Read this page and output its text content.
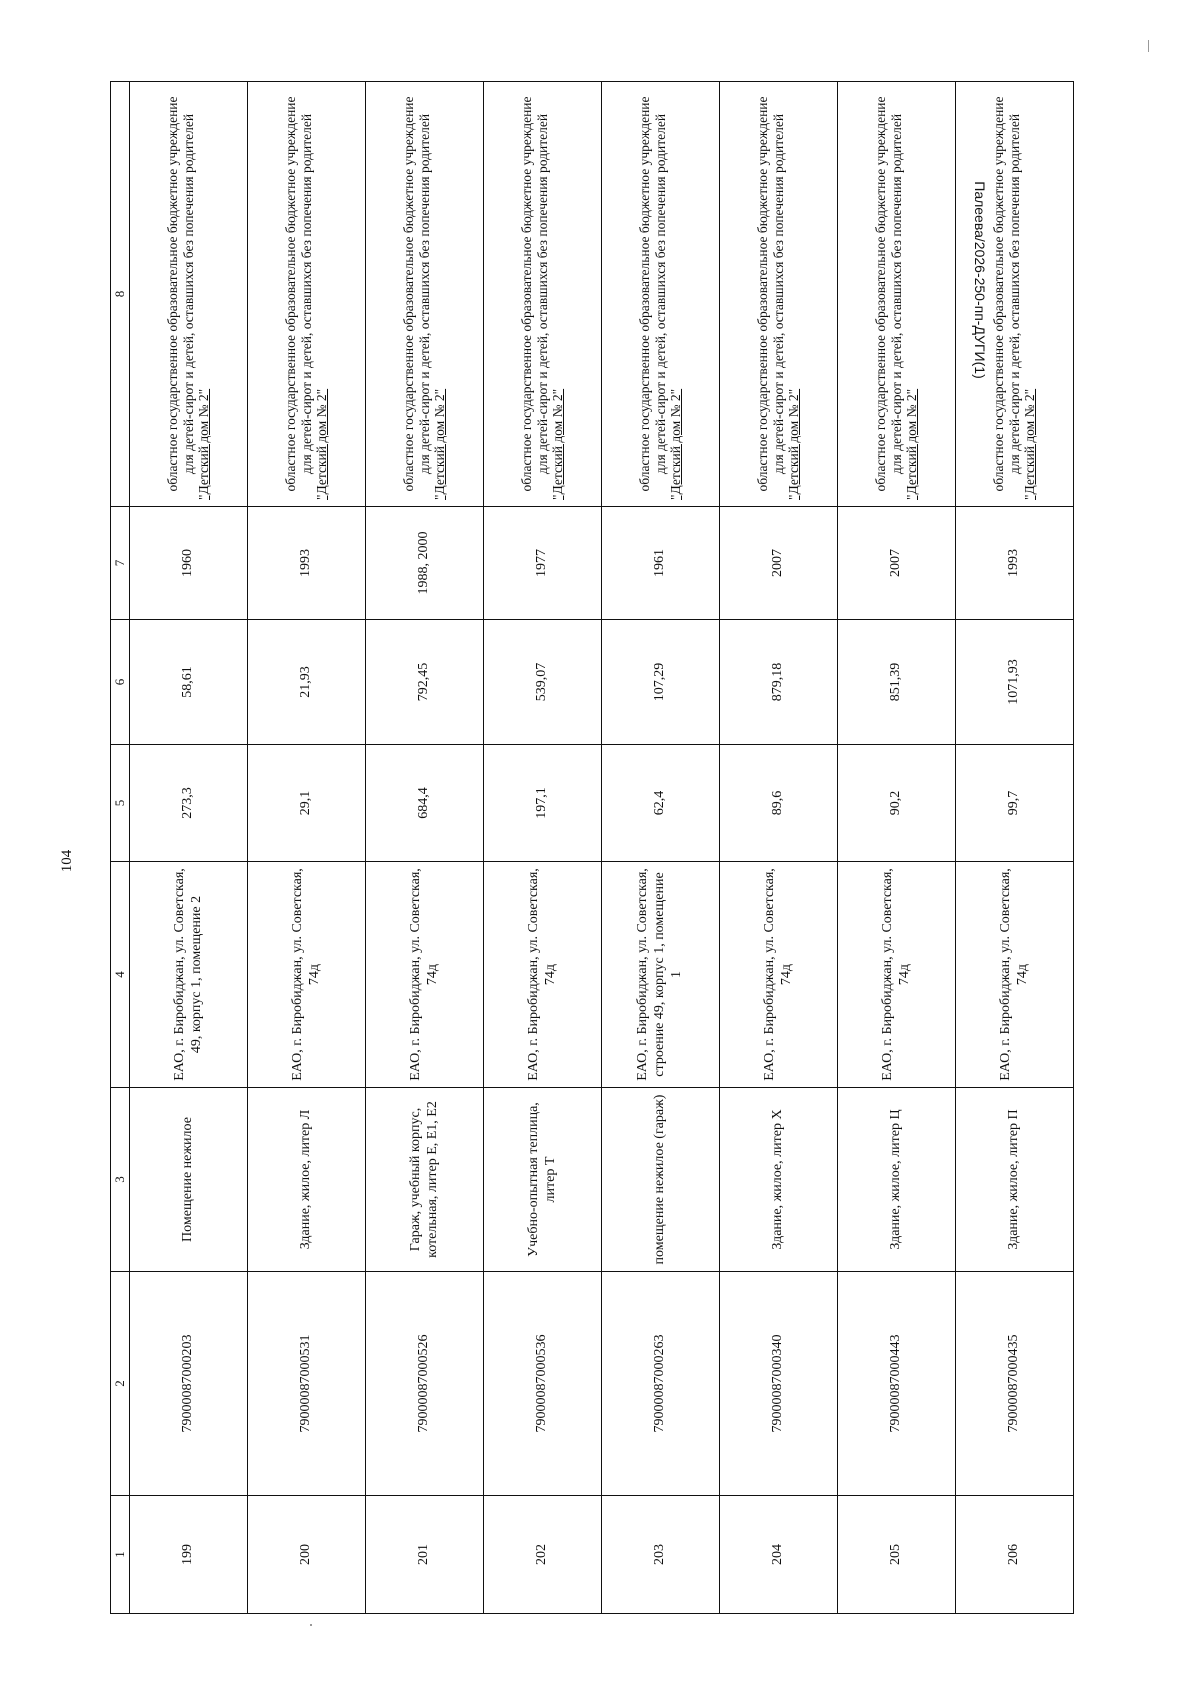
104
Палеева/2026-250-пп-ДУГИ(1)
1	2	3	4	5	6	7	8
199	79000087000203	Помещение нежилое	ЕАО, г. Биробиджан, ул. Советская, 49, корпус 1, помещение 2	273,3	58,61	1960	областное государственное образовательное бюджетное учреждение для детей-сирот и детей, оставшихся без попечения родителей "Детский дом № 2"
200	79000087000531	Здание, жилое, литер Л	ЕАО, г. Биробиджан, ул. Советская, 74д	29,1	21,93	1993	областное государственное образовательное бюджетное учреждение для детей-сирот и детей, оставшихся без попечения родителей "Детский дом № 2"
201	79000087000526	Гараж, учебный корпус, котельная, литер Е, Е1, Е2	ЕАО, г. Биробиджан, ул. Советская, 74д	684,4	792,45	1988, 2000	областное государственное образовательное бюджетное учреждение для детей-сирот и детей, оставшихся без попечения родителей "Детский дом № 2"
202	79000087000536	Учебно-опытная теплица, литер Т	ЕАО, г. Биробиджан, ул. Советская, 74д	197,1	539,07	1977	областное государственное образовательное бюджетное учреждение для детей-сирот и детей, оставшихся без попечения родителей "Детский дом № 2"
203	79000087000263	помещение нежилое (гараж)	ЕАО, г. Биробиджан, ул. Советская, строение 49, корпус 1, помещение 1	62,4	107,29	1961	областное государственное образовательное бюджетное учреждение для детей-сирот и детей, оставшихся без попечения родителей "Детский дом № 2"
204	79000087000340	Здание, жилое, литер Х	ЕАО, г. Биробиджан, ул. Советская, 74д	89,6	879,18	2007	областное государственное образовательное бюджетное учреждение для детей-сирот и детей, оставшихся без попечения родителей "Детский дом № 2"
205	79000087000443	Здание, жилое, литер Ц	ЕАО, г. Биробиджан, ул. Советская, 74д	90,2	851,39	2007	областное государственное образовательное бюджетное учреждение для детей-сирот и детей, оставшихся без попечения родителей "Детский дом № 2"
206	79000087000435	Здание, жилое, литер П	ЕАО, г. Биробиджан, ул. Советская, 74д	99,7	1071,93	1993	областное государственное образовательное бюджетное учреждение для детей-сирот и детей, оставшихся без попечения родителей "Детский дом № 2"
